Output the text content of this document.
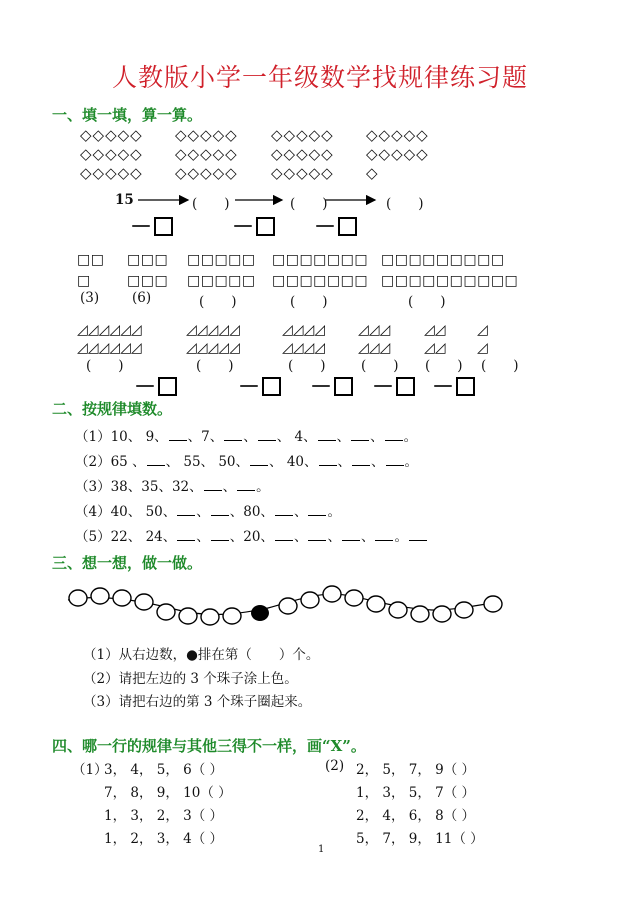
人教版小学一年级数学找规律练习题
一、填一填，算一算。
◇◇◇◇◇
◇◇◇◇◇
◇◇◇◇◇
◇◇◇◇◇
◇◇◇◇◇
◇◇◇◇◇
◇◇◇◇◇
◇◇◇◇◇
◇◇◇◇◇
◇◇◇◇◇
◇◇◇◇◇
◇
15	(　　)	(　　)	(　　)
－	－	－
□□
□
□□□
□□□
□□□□□
□□□□□
□□□□□□□
□□□□□□□
□□□□□□□□□
□□□□□□□□□□
(3) (6)	(　　)	(　　)	(　　)
◿◿◿◿◿◿
◿◿◿◿◿◿
◿◿◿◿◿
◿◿◿◿◿
◿◿◿◿
◿◿◿◿
◿◿◿
◿◿◿
◿◿
◿◿
◿
◿
(　　)	(　　)	(　　)	(　　) (　　) (　　)
－	－	－	－	－
二、按规律填数。
（1）10、 9、 、7、 、 、 4、 、 、 。
（2）65 、 、 55、 50、 、 40、 、 、 。
（3）38、35、32、 、 。
（4）40、 50、 、 、80、 、 。
（5）22、 24、 、 、20、 、 、 、 。
三、想一想，做一做。
（1）从右边数，●排在第（　　）个。
（2）请把左边的 3 个珠子涂上色。
（3）请把右边的第 3 个珠子圈起来。
四、哪一行的规律与其他三得不一样，画“X”。
（1）
3， 4， 5， 6（ ）
7， 8， 9， 10（ ）
1， 3， 2， 3（ ）
1， 2， 3， 4（ ）
(2) 2， 5， 7， 9（ ）
1， 3， 5， 7（ ）
2， 4， 6， 8（ ）
5， 7， 9， 11（ ）
1
